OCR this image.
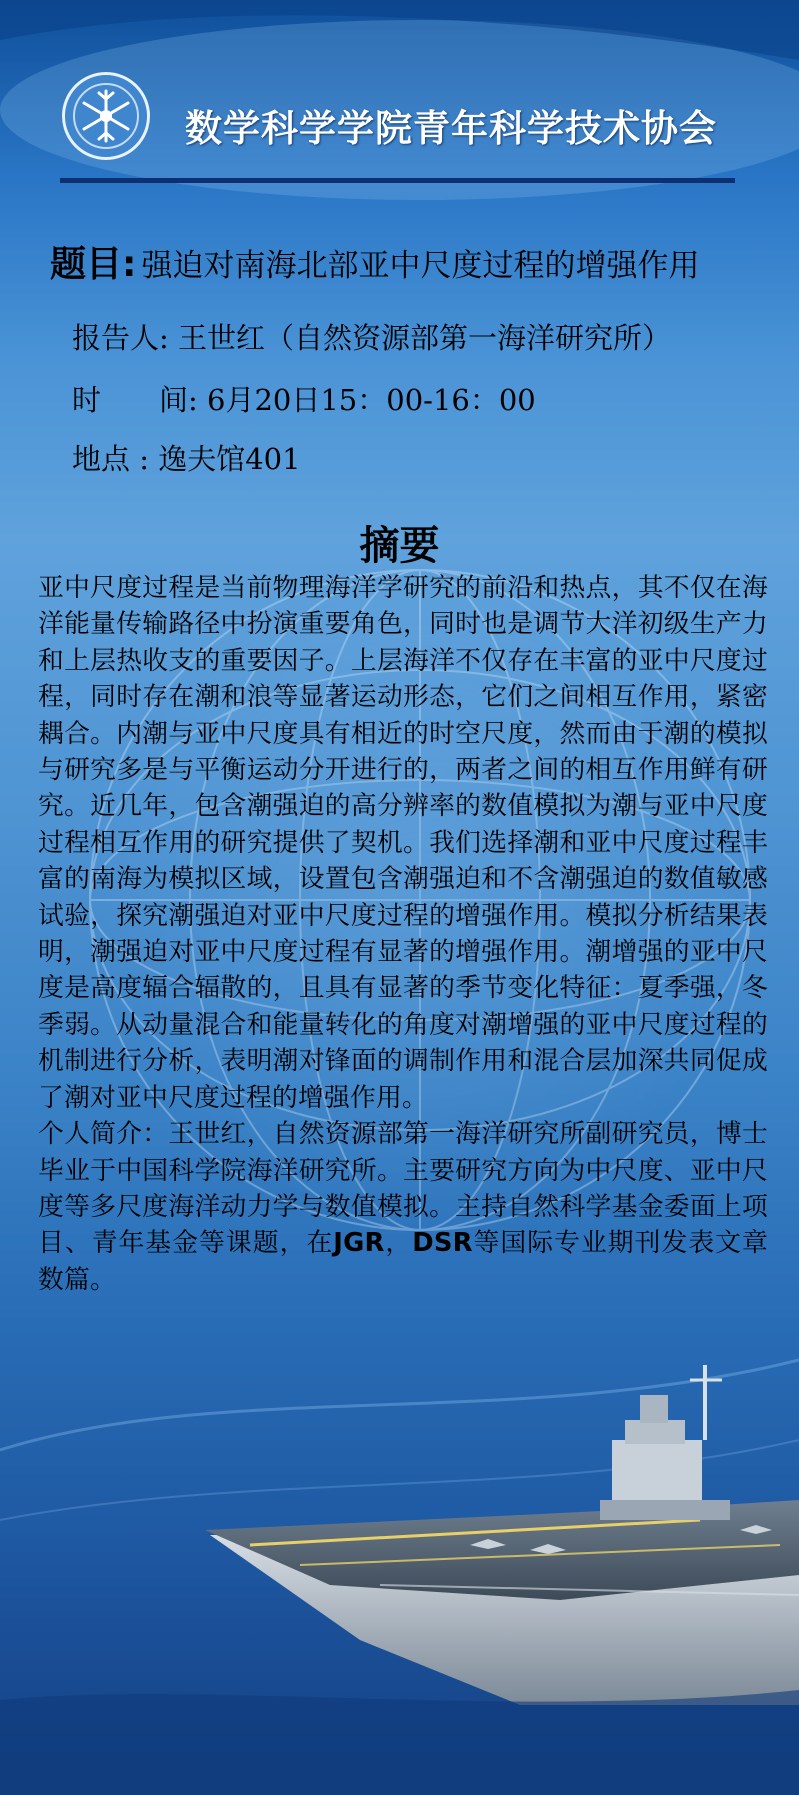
数学科学学院青年科学技术协会
题目: 强迫对南海北部亚中尺度过程的增强作用
报告人: 王世红（自然资源部第一海洋研究所）
时　　间: 6月20日15：00-16：00
地点 : 逸夫馆401
摘要

亚中尺度过程是当前物理海洋学研究的前沿和热点，其不仅在海洋能量传输路径中扮演重要角色，同时也是调节大洋初级生产力和上层热收支的重要因子。上层海洋不仅存在丰富的亚中尺度过程，同时存在潮和浪等显著运动形态，它们之间相互作用，紧密耦合。内潮与亚中尺度具有相近的时空尺度，然而由于潮的模拟与研究多是与平衡运动分开进行的，两者之间的相互作用鲜有研究。近几年，包含潮强迫的高分辨率的数值模拟为潮与亚中尺度过程相互作用的研究提供了契机。我们选择潮和亚中尺度过程丰富的南海为模拟区域，设置包含潮强迫和不含潮强迫的数值敏感试验，探究潮强迫对亚中尺度过程的增强作用。模拟分析结果表明，潮强迫对亚中尺度过程有显著的增强作用。潮增强的亚中尺度是高度辐合辐散的，且具有显著的季节变化特征：夏季强，冬季弱。从动量混合和能量转化的角度对潮增强的亚中尺度过程的机制进行分析，表明潮对锋面的调制作用和混合层加深共同促成了潮对亚中尺度过程的增强作用。

个人简介：王世红，自然资源部第一海洋研究所副研究员，博士毕业于中国科学院海洋研究所。主要研究方向为中尺度、亚中尺度等多尺度海洋动力学与数值模拟。主持自然科学基金委面上项目、青年基金等课题，在JGR，DSR等国际专业期刊发表文章数篇。
